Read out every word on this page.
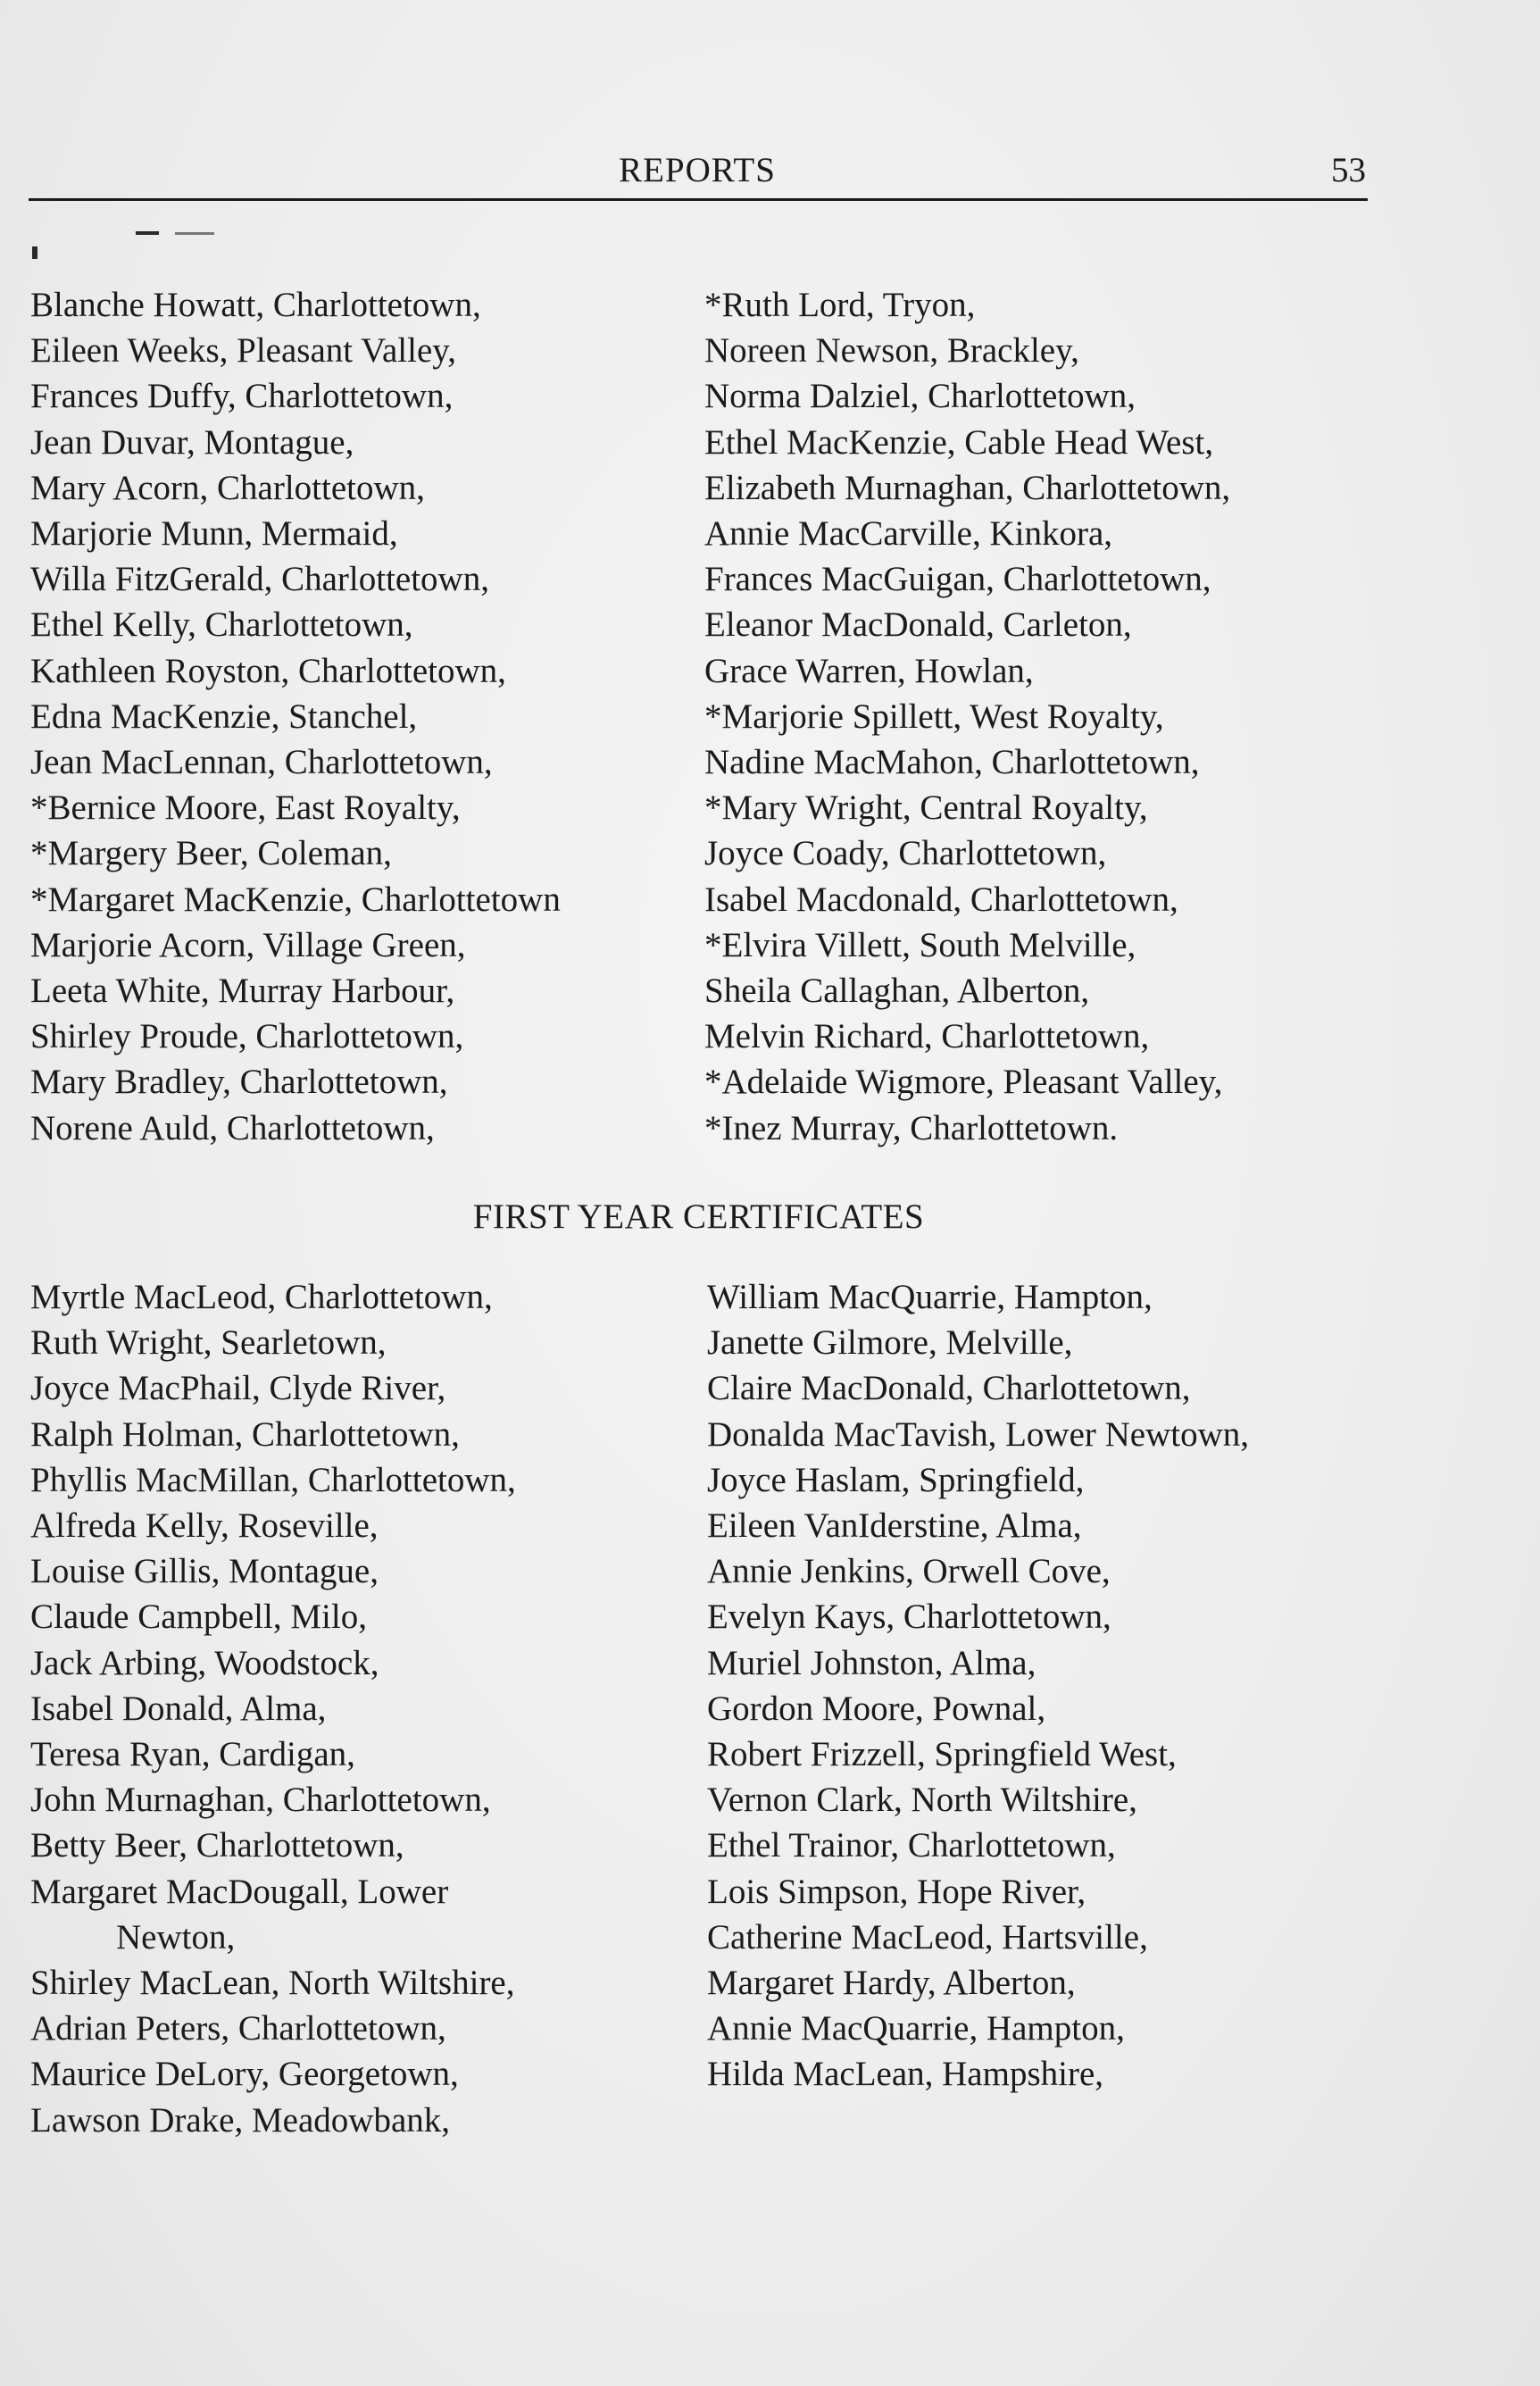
REPORTS	53
Blanche Howatt, Charlottetown,
Eileen Weeks, Pleasant Valley,
Frances Duffy, Charlottetown,
Jean Duvar, Montague,
Mary Acorn, Charlottetown,
Marjorie Munn, Mermaid,
Willa FitzGerald, Charlottetown,
Ethel Kelly, Charlottetown,
Kathleen Royston, Charlottetown,
Edna MacKenzie, Stanchel,
Jean MacLennan, Charlottetown,
*Bernice Moore, East Royalty,
*Margery Beer, Coleman,
*Margaret MacKenzie, Charlottetown
Marjorie Acorn, Village Green,
Leeta White, Murray Harbour,
Shirley Proude, Charlottetown,
Mary Bradley, Charlottetown,
Norene Auld, Charlottetown,
*Ruth Lord, Tryon,
Noreen Newson, Brackley,
Norma Dalziel, Charlottetown,
Ethel MacKenzie, Cable Head West,
Elizabeth Murnaghan, Charlottetown,
Annie MacCarville, Kinkora,
Frances MacGuigan, Charlottetown,
Eleanor MacDonald, Carleton,
Grace Warren, Howlan,
*Marjorie Spillett, West Royalty,
Nadine MacMahon, Charlottetown,
*Mary Wright, Central Royalty,
Joyce Coady, Charlottetown,
Isabel Macdonald, Charlottetown,
*Elvira Villett, South Melville,
Sheila Callaghan, Alberton,
Melvin Richard, Charlottetown,
*Adelaide Wigmore, Pleasant Valley,
*Inez Murray, Charlottetown.
FIRST YEAR CERTIFICATES
Myrtle MacLeod, Charlottetown,
Ruth Wright, Searletown,
Joyce MacPhail, Clyde River,
Ralph Holman, Charlottetown,
Phyllis MacMillan, Charlottetown,
Alfreda Kelly, Roseville,
Louise Gillis, Montague,
Claude Campbell, Milo,
Jack Arbing, Woodstock,
Isabel Donald, Alma,
Teresa Ryan, Cardigan,
John Murnaghan, Charlottetown,
Betty Beer, Charlottetown,
Margaret MacDougall, Lower
Newton,
Shirley MacLean, North Wiltshire,
Adrian Peters, Charlottetown,
Maurice DeLory, Georgetown,
Lawson Drake, Meadowbank,
William MacQuarrie, Hampton,
Janette Gilmore, Melville,
Claire MacDonald, Charlottetown,
Donalda MacTavish, Lower Newtown,
Joyce Haslam, Springfield,
Eileen VanIderstine, Alma,
Annie Jenkins, Orwell Cove,
Evelyn Kays, Charlottetown,
Muriel Johnston, Alma,
Gordon Moore, Pownal,
Robert Frizzell, Springfield West,
Vernon Clark, North Wiltshire,
Ethel Trainor, Charlottetown,
Lois Simpson, Hope River,
Catherine MacLeod, Hartsville,
Margaret Hardy, Alberton,
Annie MacQuarrie, Hampton,
Hilda MacLean, Hampshire,
